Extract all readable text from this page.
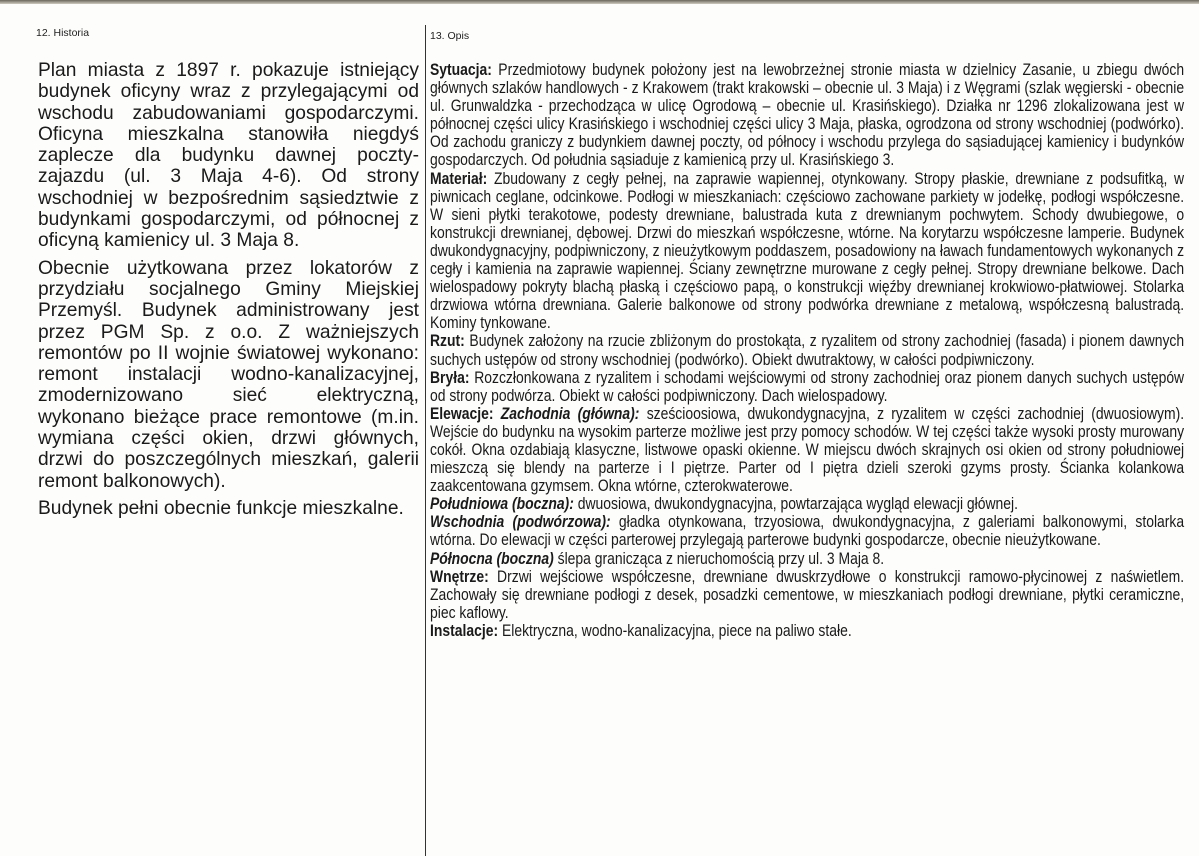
12. Historia

Plan miasta z 1897 r. pokazuje istniejący budynek oficyny wraz z przylegającymi od wschodu zabudowaniami gospodarczymi. Oficyna mieszkalna stanowiła niegdyś zaplecze dla budynku dawnej poczty-zajazdu (ul. 3 Maja 4-6). Od strony wschodniej w bezpośrednim sąsiedztwie z budynkami gospodarczymi, od północnej z oficyną kamienicy ul. 3 Maja 8.

Obecnie użytkowana przez lokatorów z przydziału socjalnego Gminy Miejskiej Przemyśl. Budynek administrowany jest przez PGM Sp. z o.o. Z ważniejszych remontów po II wojnie światowej wykonano: remont instalacji wodno-kanalizacyjnej, zmodernizowano sieć elektryczną, wykonano bieżące prace remontowe (m.in. wymiana części okien, drzwi głównych, drzwi do poszczególnych mieszkań, galerii remont balkonowych).

Budynek pełni obecnie funkcje mieszkalne.

13. Opis

Sytuacja: Przedmiotowy budynek położony jest na lewobrzeżnej stronie miasta w dzielnicy Zasanie, u zbiegu dwóch głównych szlaków handlowych - z Krakowem (trakt krakowski – obecnie ul. 3 Maja) i z Węgrami (szlak węgierski - obecnie ul. Grunwaldzka - przechodząca w ulicę Ogrodową – obecnie ul. Krasińskiego). Działka nr 1296 zlokalizowana jest w północnej części ulicy Krasińskiego i wschodniej części ulicy 3 Maja, płaska, ogrodzona od strony wschodniej (podwórko). Od zachodu graniczy z budynkiem dawnej poczty, od północy i wschodu przylega do sąsiadującej kamienicy i budynków gospodarczych. Od południa sąsiaduje z kamienicą przy ul. Krasińskiego 3.

Materiał: Zbudowany z cegły pełnej, na zaprawie wapiennej, otynkowany. Stropy płaskie, drewniane z podsufitką, w piwnicach ceglane, odcinkowe. Podłogi w mieszkaniach: częściowo zachowane parkiety w jodełkę, podłogi współczesne. W sieni płytki terakotowe, podesty drewniane, balustrada kuta z drewnianym pochwytem. Schody dwubiegowe, o konstrukcji drewnianej, dębowej. Drzwi do mieszkań współczesne, wtórne. Na korytarzu współczesne lamperie. Budynek dwukondygnacyjny, podpiwniczony, z nieużytkowym poddaszem, posadowiony na ławach fundamentowych wykonanych z cegły i kamienia na zaprawie wapiennej. Ściany zewnętrzne murowane z cegły pełnej. Stropy drewniane belkowe. Dach wielospadowy pokryty blachą płaską i częściowo papą, o konstrukcji więźby drewnianej krokwiowo-płatwiowej. Stolarka drzwiowa wtórna drewniana. Galerie balkonowe od strony podwórka drewniane z metalową, współczesną balustradą. Kominy tynkowane.

Rzut: Budynek założony na rzucie zbliżonym do prostokąta, z ryzalitem od strony zachodniej (fasada) i pionem dawnych suchych ustępów od strony wschodniej (podwórko). Obiekt dwutraktowy, w całości podpiwniczony.

Bryła: Rozczłonkowana z ryzalitem i schodami wejściowymi od strony zachodniej oraz pionem danych suchych ustępów od strony podwórza. Obiekt w całości podpiwniczony. Dach wielospadowy.

Elewacje: Zachodnia (główna): sześcioosiowa, dwukondygnacyjna, z ryzalitem w części zachodniej (dwuosiowym). Wejście do budynku na wysokim parterze możliwe jest przy pomocy schodów. W tej części także wysoki prosty murowany cokół. Okna ozdabiają klasyczne, listwowe opaski okienne. W miejscu dwóch skrajnych osi okien od strony południowej mieszczą się blendy na parterze i I piętrze. Parter od I piętra dzieli szeroki gzyms prosty. Ścianka kolankowa zaakcentowana gzymsem. Okna wtórne, czterokwaterowe.

Południowa (boczna): dwuosiowa, dwukondygnacyjna, powtarzająca wygląd elewacji głównej.

Wschodnia (podwórzowa): gładka otynkowana, trzyosiowa, dwukondygnacyjna, z galeriami balkonowymi, stolarka wtórna. Do elewacji w części parterowej przylegają parterowe budynki gospodarcze, obecnie nieużytkowane.

Północna (boczna) ślepa granicząca z nieruchomością przy ul. 3 Maja 8.

Wnętrze: Drzwi wejściowe współczesne, drewniane dwuskrzydłowe o konstrukcji ramowo-płycinowej z naświetlem. Zachowały się drewniane podłogi z desek, posadzki cementowe, w mieszkaniach podłogi drewniane, płytki ceramiczne, piec kaflowy.

Instalacje: Elektryczna, wodno-kanalizacyjna, piece na paliwo stałe.
